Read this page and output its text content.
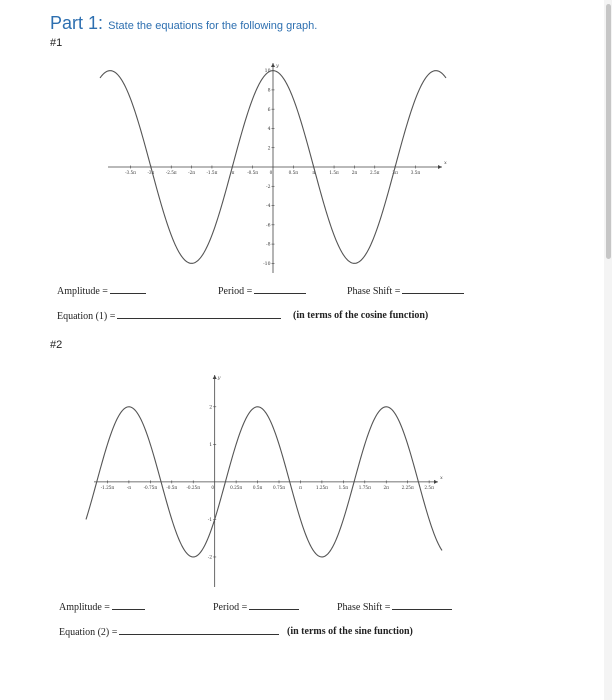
Part 1: State the equations for the following graph.
#1
x
y
-3.5π	-3π	-2.5π	-2π	-1.5π	-π	-0.5π	0	0.5π	π	1.5π	2π	2.5π	3π	3.5π
10
8
6
4
2
-2
-4
-6
-8
-10
Amplitude =	Period =	Phase Shift =
Equation (1) =	(in terms of the cosine function)
#2
x
y
-1.25π	-π	-0.75π -0.5π -0.25π	0	0.25π	0.5π	0.75π	π	1.25π	1.5π	1.75π	2π	2.25π	2.5π
2
1
-1
-2
Amplitude =	Period =	Phase Shift =
Equation (2) =	(in terms of the sine function)
